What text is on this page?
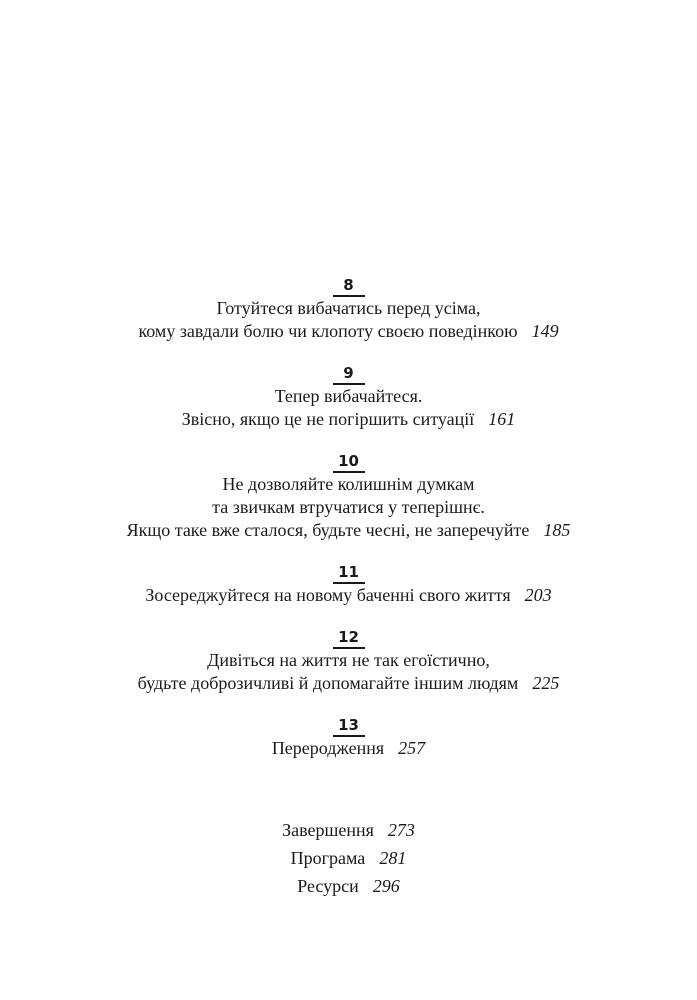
8
Готуйтеся вибачатись перед усіма,
кому завдали болю чи клопоту своєю поведінкою 149
9
Тепер вибачайтеся.
Звісно, якщо це не погіршить ситуації 161
10
Не дозволяйте колишнім думкам
та звичкам втручатися у теперішнє.
Якщо таке вже сталося, будьте чесні, не заперечуйте 185
11
Зосереджуйтеся на новому баченні свого життя 203
12
Дивіться на життя не так егоїстично,
будьте доброзичливі й допомагайте іншим людям 225
13
Переродження 257
Завершення 273
Програма 281
Ресурси 296
